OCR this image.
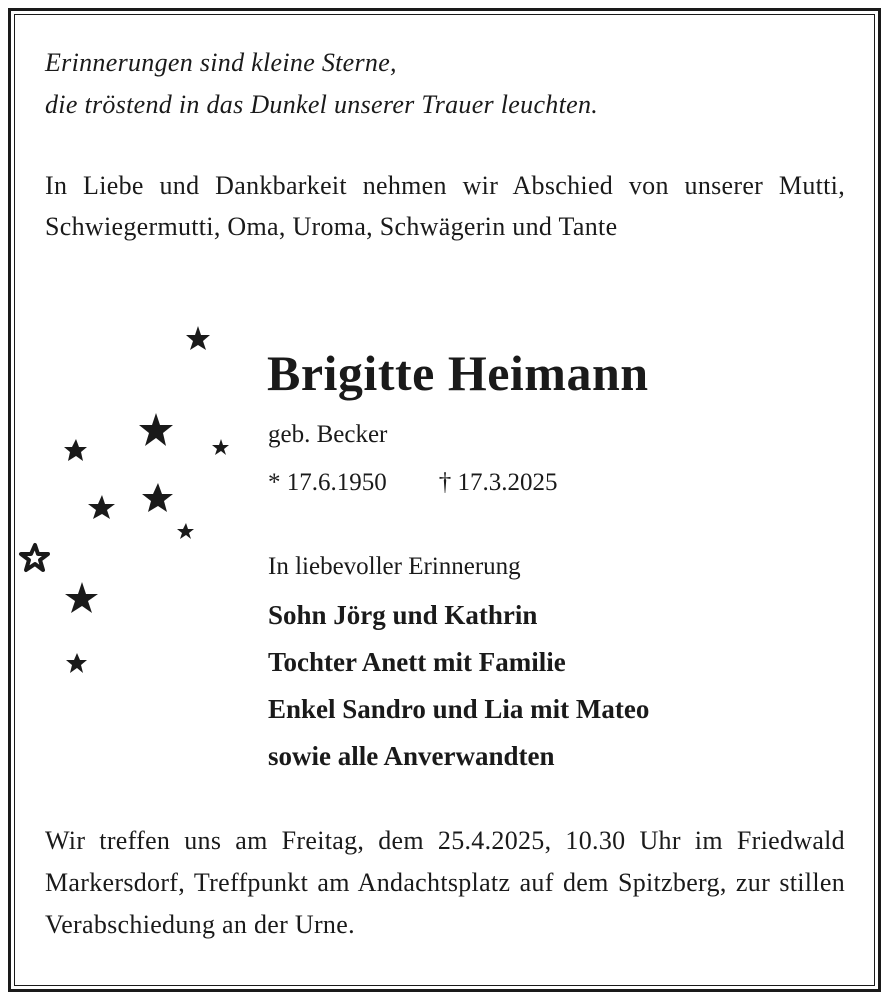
Erinnerungen sind kleine Sterne,
die tröstend in das Dunkel unserer Trauer leuchten.
In Liebe und Dankbarkeit nehmen wir Abschied von unserer Mutti, Schwiegermutti, Oma, Uroma, Schwägerin und Tante
Brigitte Heimann
geb. Becker
* 17.6.1950 † 17.3.2025
In liebevoller Erinnerung
Sohn Jörg und Kathrin
Tochter Anett mit Familie
Enkel Sandro und Lia mit Mateo
sowie alle Anverwandten
Wir treffen uns am Freitag, dem 25.4.2025, 10.30 Uhr im Friedwald Markersdorf, Treffpunkt am Andachtsplatz auf dem Spitzberg, zur stillen Verabschiedung an der Urne.
